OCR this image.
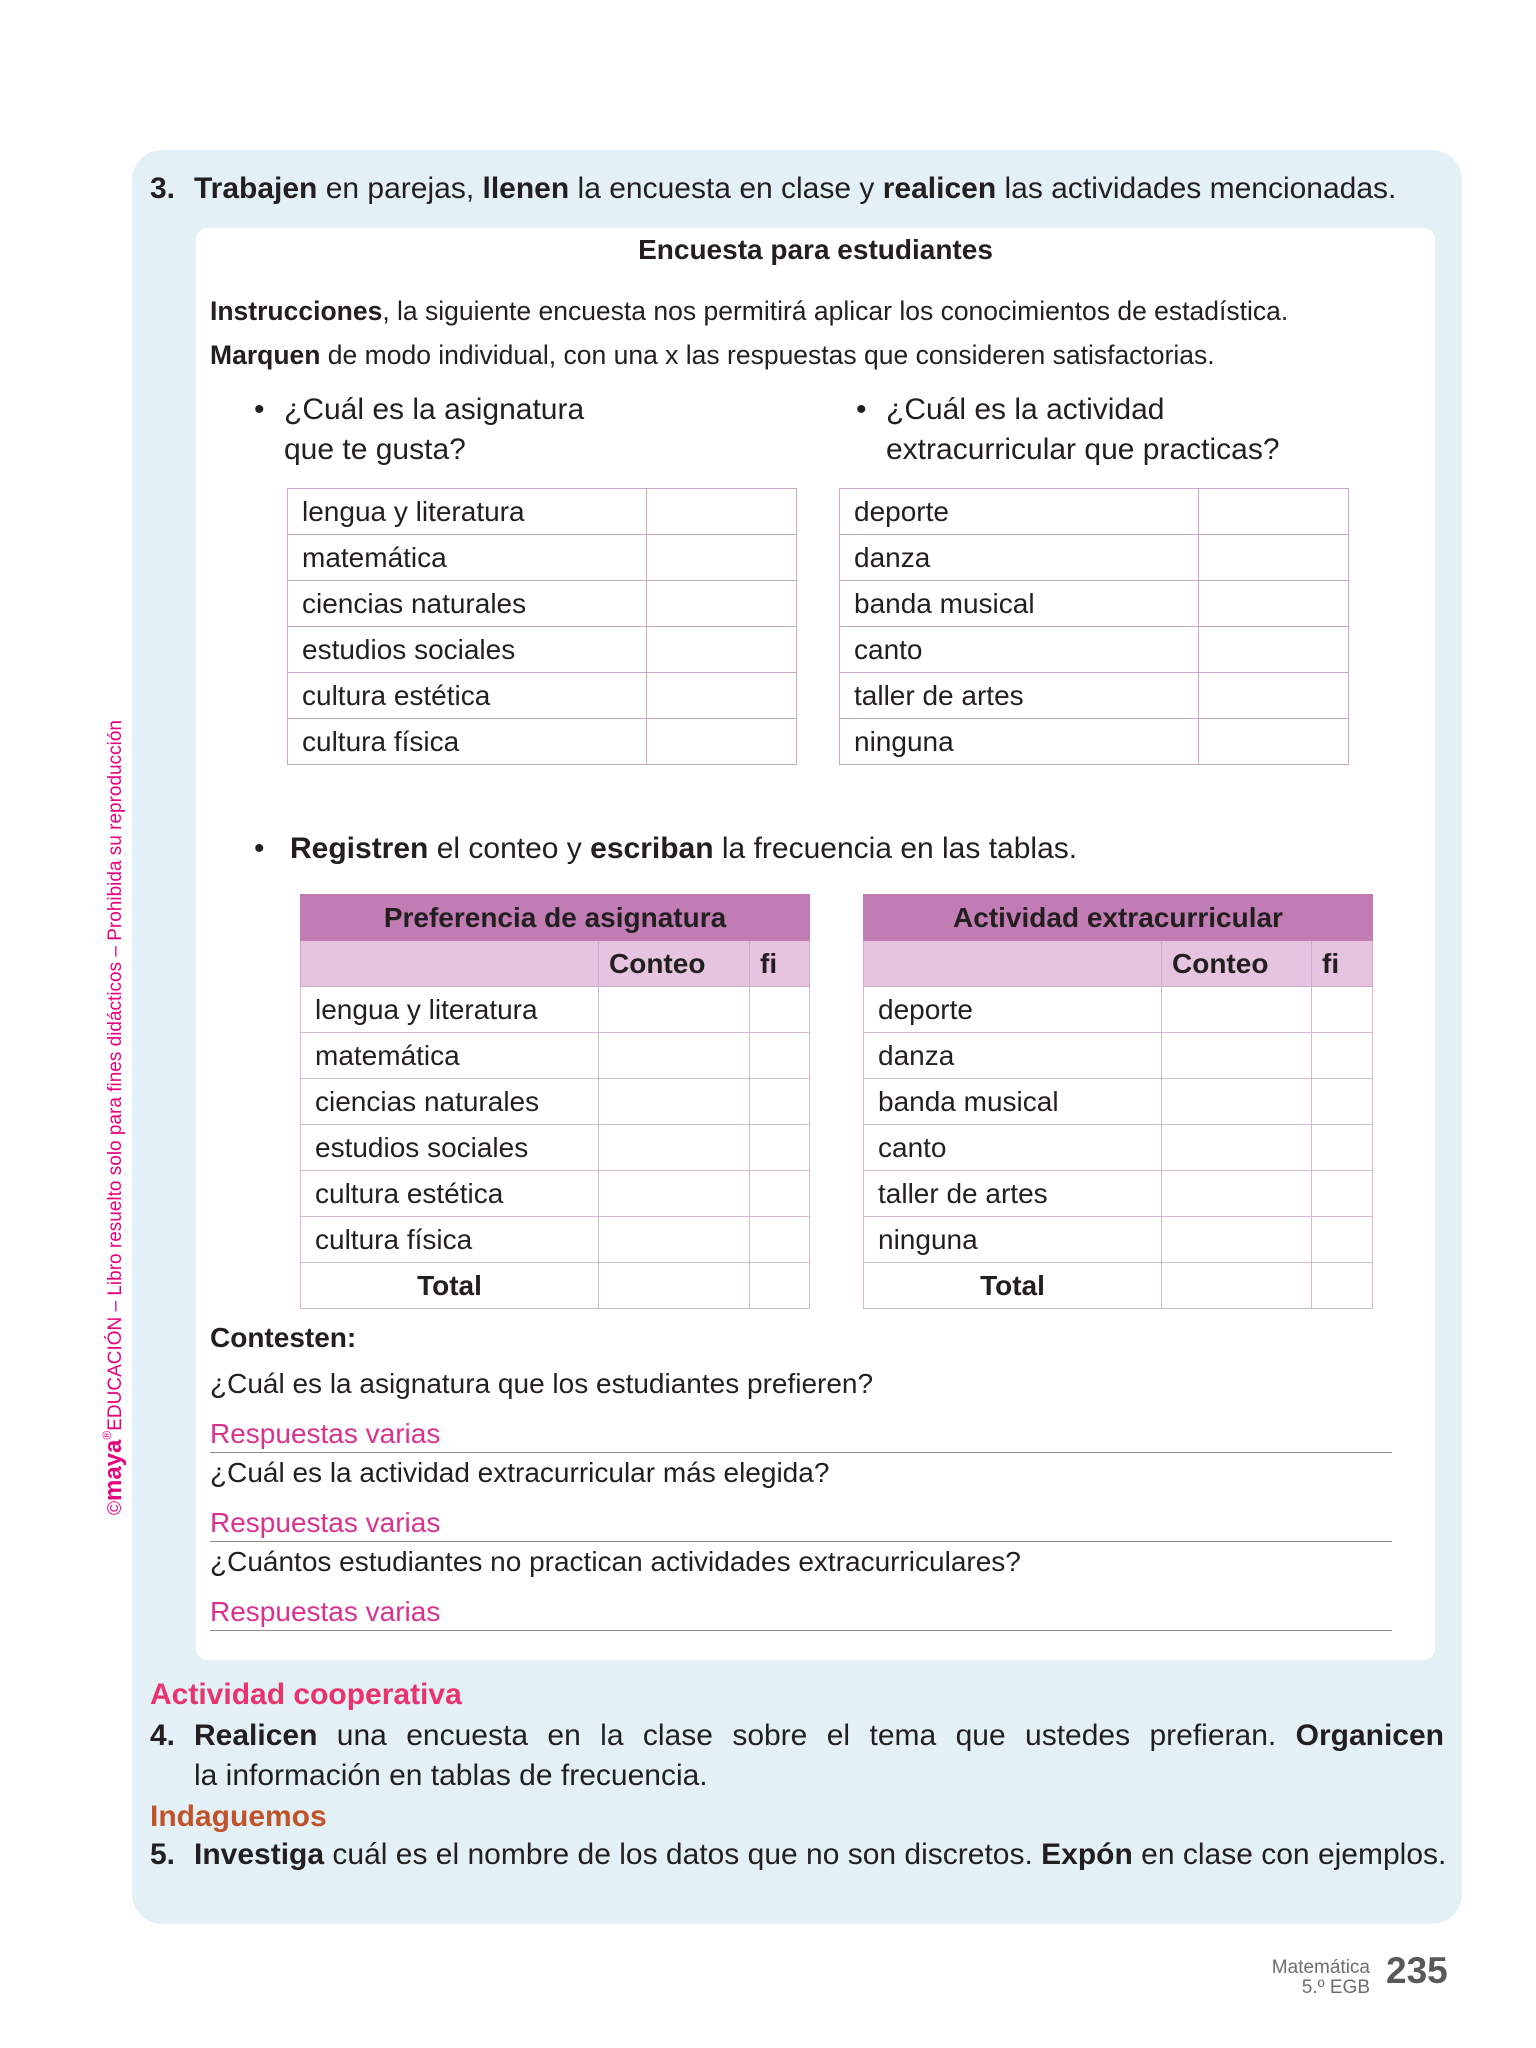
©maya®EDUCACIÓN – Libro resuelto solo para fines didácticos – Prohibida su reproducción
3. Trabajen en parejas, llenen la encuesta en clase y realicen las actividades mencionadas.
Encuesta para estudiantes
Instrucciones, la siguiente encuesta nos permitirá aplicar los conocimientos de estadística.
Marquen de modo individual, con una x las respuestas que consideren satisfactorias.
• ¿Cuál es la asignatura
que te gusta?
• ¿Cuál es la actividad
extracurricular que practicas?
lengua y literatura	
matemática	
ciencias naturales	
estudios sociales	
cultura estética	
cultura física	
deporte	
danza	
banda musical	
canto	
taller de artes	
ninguna	
• Registren el conteo y escriban la frecuencia en las tablas.
Preferencia de asignatura		
	Conteo	fi
lengua y literatura		
matemática		
ciencias naturales		
estudios sociales		
cultura estética		
cultura física		
Total		
Actividad extracurricular		
	Conteo	fi
deporte		
danza		
banda musical		
canto		
taller de artes		
ninguna		
Total		
Contesten:
¿Cuál es la asignatura que los estudiantes prefieren?
Respuestas varias
¿Cuál es la actividad extracurricular más elegida?
Respuestas varias
¿Cuántos estudiantes no practican actividades extracurriculares?
Respuestas varias
Actividad cooperativa
4. Realicen una encuesta en la clase sobre el tema que ustedes prefieran. Organicen
la información en tablas de frecuencia.
Indaguemos
5. Investiga cuál es el nombre de los datos que no son discretos. Expón en clase con ejemplos.
Matemática
5.º EGB 235
